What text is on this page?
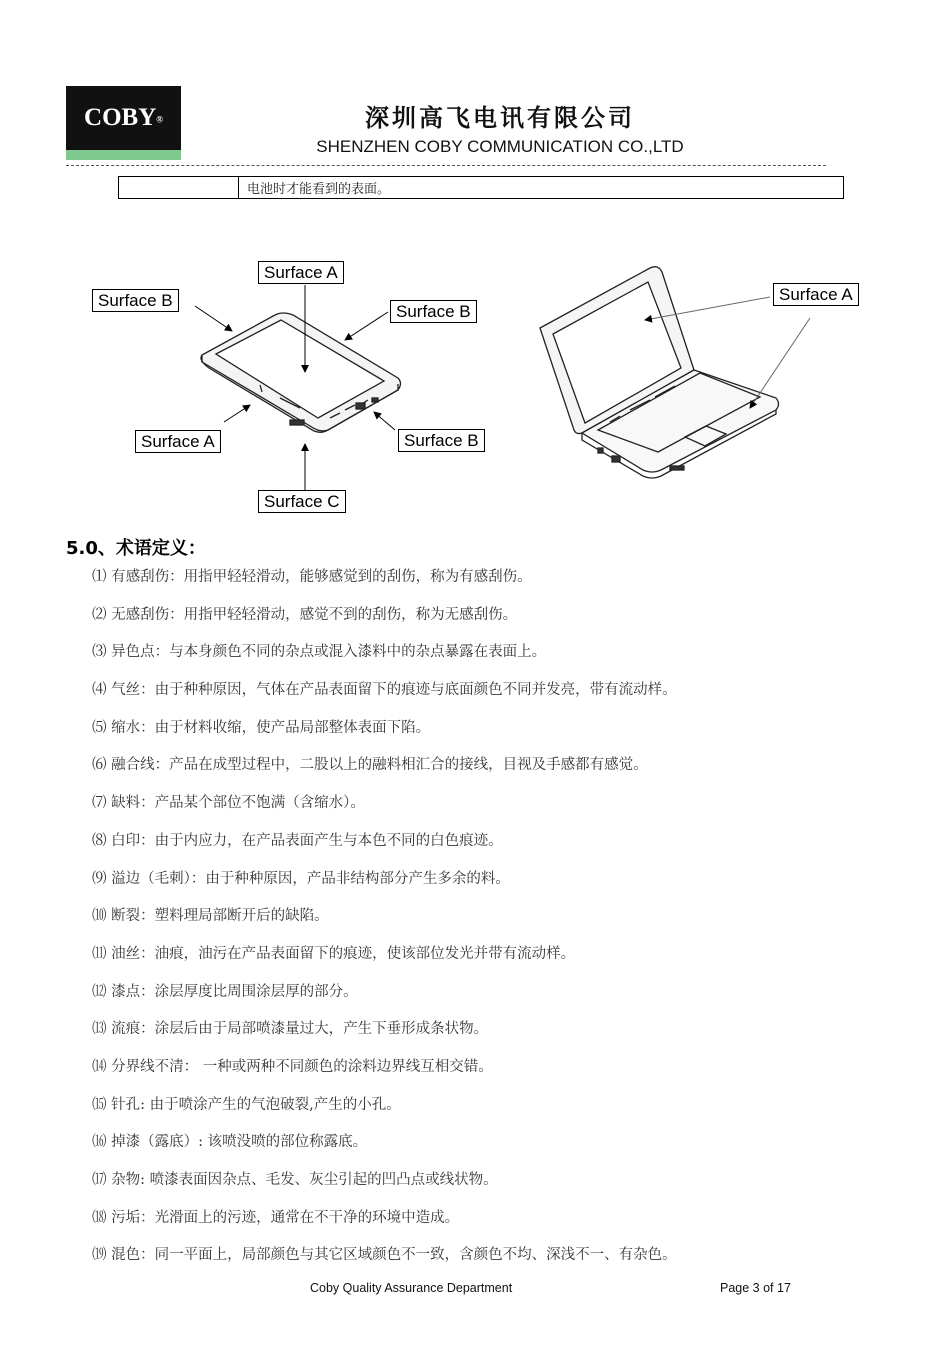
COBY®	深圳高飞电讯有限公司
SHENZHEN COBY COMMUNICATION CO.,LTD
电池时才能看到的表面。
Surface A
Surface B
Surface B
Surface A	Surface B
Surface C
Surface A
5.0、术语定义：
⑴ 有感刮伤：用指甲轻轻滑动，能够感觉到的刮伤，称为有感刮伤。
⑵ 无感刮伤：用指甲轻轻滑动，感觉不到的刮伤，称为无感刮伤。
⑶ 异色点：与本身颜色不同的杂点或混入漆料中的杂点暴露在表面上。
⑷ 气丝：由于种种原因，气体在产品表面留下的痕迹与底面颜色不同并发亮，带有流动样。
⑸ 缩水：由于材料收缩，使产品局部整体表面下陷。
⑹ 融合线：产品在成型过程中，二股以上的融料相汇合的接线，目视及手感都有感觉。
⑺ 缺料：产品某个部位不饱满（含缩水）。
⑻ 白印：由于内应力，在产品表面产生与本色不同的白色痕迹。
⑼ 溢边（毛刺）：由于种种原因，产品非结构部分产生多余的料。
⑽ 断裂：塑料理局部断开后的缺陷。
⑾ 油丝：油痕，油污在产品表面留下的痕迹，使该部位发光并带有流动样。
⑿ 漆点：涂层厚度比周围涂层厚的部分。
⒀ 流痕：涂层后由于局部喷漆量过大，产生下垂形成条状物。
⒁ 分界线不清： 一种或两种不同颜色的涂料边界线互相交错。
⒂ 针孔: 由于喷涂产生的气泡破裂,产生的小孔。
⒃ 掉漆（露底）: 该喷没喷的部位称露底。
⒄ 杂物: 喷漆表面因杂点、毛发、灰尘引起的凹凸点或线状物。
⒅ 污垢：光滑面上的污迹，通常在不干净的环境中造成。
⒆ 混色：同一平面上，局部颜色与其它区域颜色不一致，含颜色不均、深浅不一、有杂色。
Coby Quality Assurance Department	Page 3 of 17
